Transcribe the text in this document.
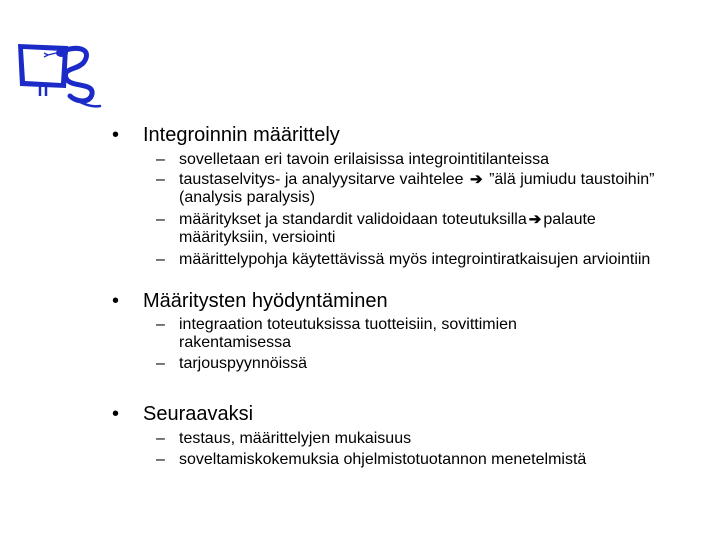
• Integroinnin määrittely
– sovelletaan eri tavoin erilaisissa integrointitilanteissa
– taustaselvitys- ja analyysitarve vaihtelee ➔ ”älä jumiudu taustoihin” (analysis paralysis)
– määritykset ja standardit validoidaan toteutuksilla ➔ palaute määrityksiin, versiointi
– määrittelypohja käytettävissä myös integrointiratkaisujen arviointiin
• Määritysten hyödyntäminen
– integraation toteutuksissa tuotteisiin, sovittimien rakentamisessa
– tarjouspyynnöissä
• Seuraavaksi
– testaus, määrittelyjen mukaisuus
– soveltamiskokemuksia ohjelmistotuotannon menetelmistä
